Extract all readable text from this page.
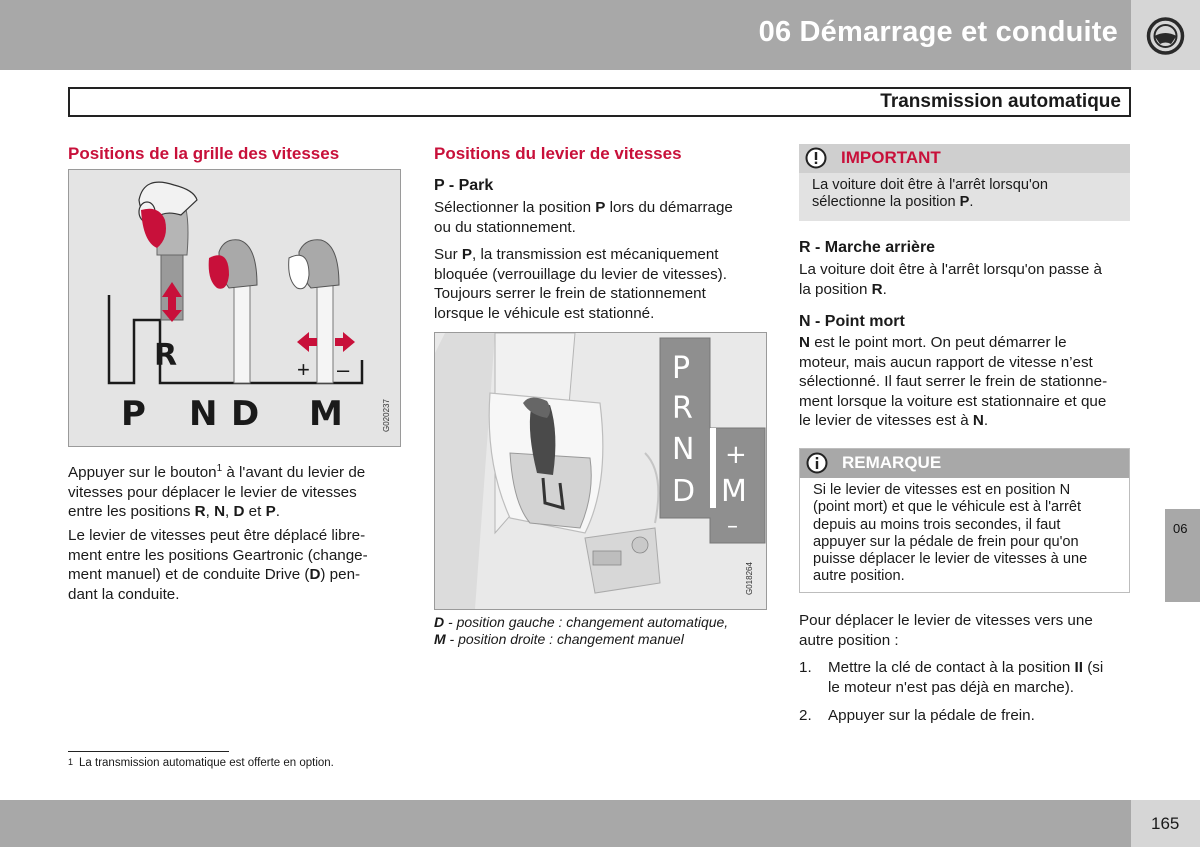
06 Démarrage et conduite
Transmission automatique
Positions de la grille des vitesses
+ –
R
P N D M	G020237
Appuyer sur le bouton$^1$ à l'avant du levier de
vitesses pour déplacer le levier de vitesses
entre les positions R, N, D et P.
Le levier de vitesses peut être déplacé libre-
ment entre les positions Geartronic (change-
ment manuel) et de conduite Drive (D) pen-
dant la conduite.
Positions du levier de vitesses
P - Park
Sélectionner la position P lors du démarrage
ou du stationnement.
Sur P, la transmission est mécaniquement
bloquée (verrouillage du levier de vitesses).
Toujours serrer le frein de stationnement
lorsque le véhicule est stationné.
P
R
N
D M
+
–
G018264
D - position gauche : changement automatique,
M - position droite : changement manuel
IMPORTANT
La voiture doit être à l'arrêt lorsqu'on
sélectionne la position P.
R - Marche arrière
La voiture doit être à l'arrêt lorsqu'on passe à
la position R.
N - Point mort
N est le point mort. On peut démarrer le
moteur, mais aucun rapport de vitesse n’est
sélectionné. Il faut serrer le frein de stationne-
ment lorsque la voiture est stationnaire et que
le levier de vitesses est à N.
REMARQUE
Si le levier de vitesses est en position N
(point mort) et que le véhicule est à l'arrêt
depuis au moins trois secondes, il faut
appuyer sur la pédale de frein pour qu'on
puisse déplacer le levier de vitesses à une
autre position.
Pour déplacer le levier de vitesses vers une
autre position :
1. Mettre la clé de contact à la position II (si
le moteur n'est pas déjà en marche).
2. Appuyer sur la pédale de frein.
06
$^1$ La transmission automatique est offerte en option.
165
